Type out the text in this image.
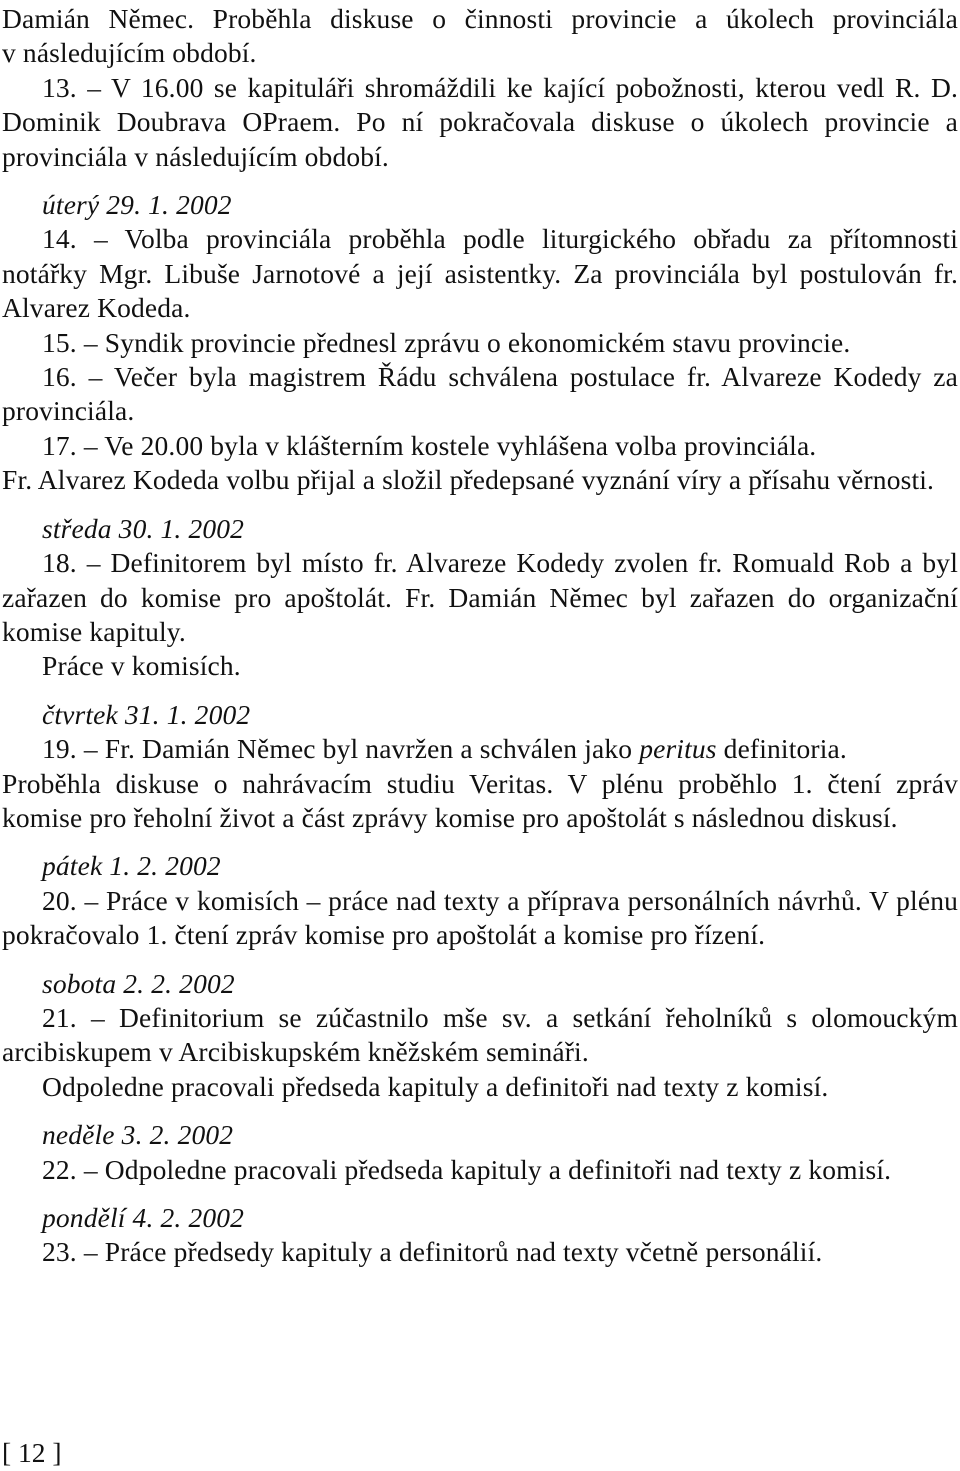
Damián Němec. Proběhla diskuse o činnosti provincie a úkolech provinciála

v následujícím období.

13. – V 16.00 se kapituláři shromáždili ke kající pobožnosti, kterou vedl R. D. Dominik Doubrava OPraem. Po ní pokračovala diskuse o úkolech provincie a provinciála v následujícím období.

úterý 29. 1. 2002

14. – Volba provinciála proběhla podle liturgického obřadu za přítomnosti notářky Mgr. Libuše Jarnotové a její asistentky. Za provinciála byl postulován fr. Alvarez Kodeda.

15. – Syndik provincie přednesl zprávu o ekonomickém stavu provincie.

16. – Večer byla magistrem Řádu schválena postulace fr. Alvareze Kodedy za provinciála.

17. – Ve 20.00 byla v klášterním kostele vyhlášena volba provinciála.

Fr. Alvarez Kodeda volbu přijal a složil předepsané vyznání víry a přísahu věrnosti.

středa 30. 1. 2002

18. – Definitorem byl místo fr. Alvareze Kodedy zvolen fr. Romuald Rob a byl zařazen do komise pro apoštolát. Fr. Damián Němec byl zařazen do organizační komise kapituly.

Práce v komisích.

čtvrtek 31. 1. 2002

19. – Fr. Damián Němec byl navržen a schválen jako peritus definitoria.

Proběhla diskuse o nahrávacím studiu Veritas. V plénu proběhlo 1. čtení zpráv komise pro řeholní život a část zprávy komise pro apoštolát s následnou diskusí.

pátek 1. 2. 2002

20. – Práce v komisích – práce nad texty a příprava personálních návrhů. V plénu pokračovalo 1. čtení zpráv komise pro apoštolát a komise pro řízení.

sobota 2. 2. 2002

21. – Definitorium se zúčastnilo mše sv. a setkání řeholníků s olomouckým arcibiskupem v Arcibiskupském kněžském semináři.

Odpoledne pracovali předseda kapituly a definitoři nad texty z komisí.

neděle 3. 2. 2002

22. – Odpoledne pracovali předseda kapituly a definitoři nad texty z komisí.

pondělí 4. 2. 2002

23. – Práce předsedy kapituly a definitorů nad texty včetně personálií.

[ 12 ]
